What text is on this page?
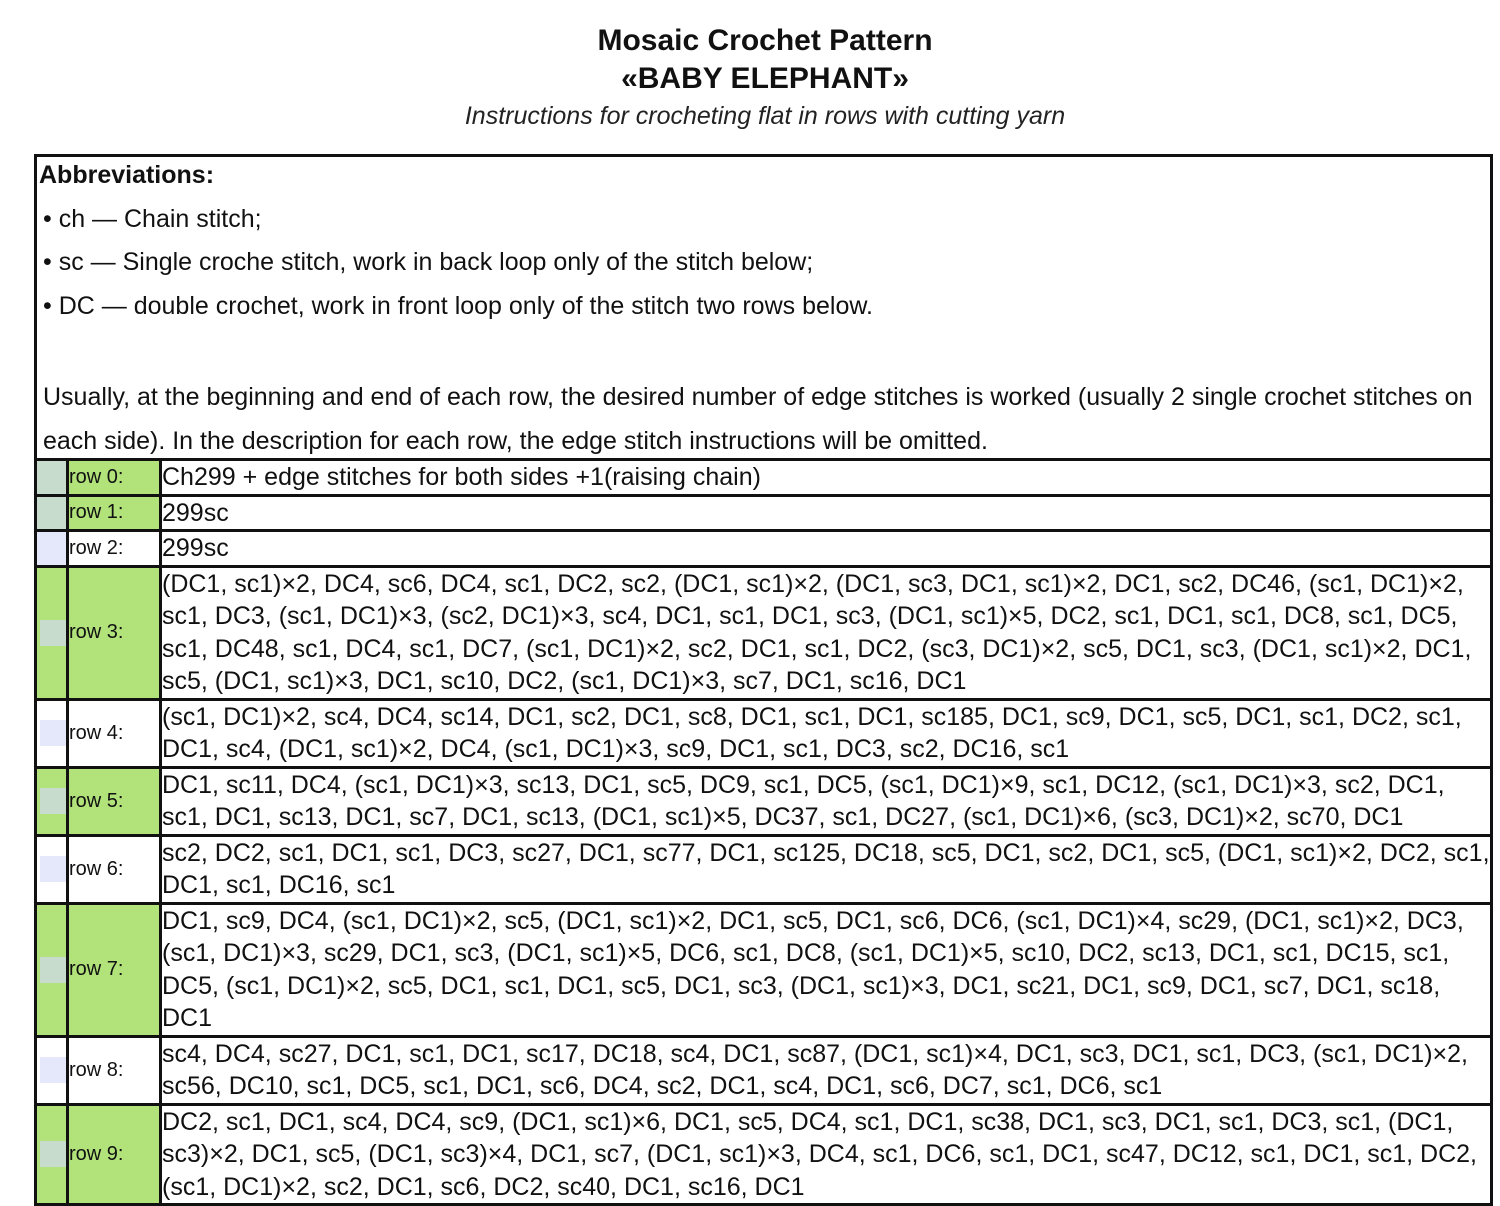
Mosaic Crochet Pattern
«BABY ELEPHANT»
Instructions for crocheting flat in rows with cutting yarn
Abbreviations:
• ch — Chain stitch;
• sc — Single croche stitch, work in back loop only of the stitch below;
• DC — double crochet, work in front loop only of the stitch two rows below.
Usually, at the beginning and end of each row, the desired number of edge stitches is worked (usually 2 single crochet stitches on each side). In the description for each row, the edge stitch instructions will be omitted.
	row 0:	Ch299 + edge stitches for both sides +1(raising chain)
	row 1:	299sc
	row 2:	299sc

	row 3:	(DC1, sc1)×2, DC4, sc6, DC4, sc1, DC2, sc2, (DC1, sc1)×2, (DC1, sc3, DC1, sc1)×2, DC1, sc2, DC46, (sc1, DC1)×2, sc1, DC3, (sc1, DC1)×3, (sc2, DC1)×3, sc4, DC1, sc1, DC1, sc3, (DC1, sc1)×5, DC2, sc1, DC1, sc1, DC8, sc1, DC5, sc1, DC48, sc1, DC4, sc1, DC7, (sc1, DC1)×2, sc2, DC1, sc1, DC2, (sc3, DC1)×2, sc5, DC1, sc3, (DC1, sc1)×2, DC1, sc5, (DC1, sc1)×3, DC1, sc10, DC2, (sc1, DC1)×3, sc7, DC1, sc16, DC1

	row 4:	(sc1, DC1)×2, sc4, DC4, sc14, DC1, sc2, DC1, sc8, DC1, sc1, DC1, sc185, DC1, sc9, DC1, sc5, DC1, sc1, DC2, sc1, DC1, sc4, (DC1, sc1)×2, DC4, (sc1, DC1)×3, sc9, DC1, sc1, DC3, sc2, DC16, sc1

	row 5:	DC1, sc11, DC4, (sc1, DC1)×3, sc13, DC1, sc5, DC9, sc1, DC5, (sc1, DC1)×9, sc1, DC12, (sc1, DC1)×3, sc2, DC1, sc1, DC1, sc13, DC1, sc7, DC1, sc13, (DC1, sc1)×5, DC37, sc1, DC27, (sc1, DC1)×6, (sc3, DC1)×2, sc70, DC1

	row 6:	sc2, DC2, sc1, DC1, sc1, DC3, sc27, DC1, sc77, DC1, sc125, DC18, sc5, DC1, sc2, DC1, sc5, (DC1, sc1)×2, DC2, sc1, DC1, sc1, DC16, sc1

	row 7:	DC1, sc9, DC4, (sc1, DC1)×2, sc5, (DC1, sc1)×2, DC1, sc5, DC1, sc6, DC6, (sc1, DC1)×4, sc29, (DC1, sc1)×2, DC3, (sc1, DC1)×3, sc29, DC1, sc3, (DC1, sc1)×5, DC6, sc1, DC8, (sc1, DC1)×5, sc10, DC2, sc13, DC1, sc1, DC15, sc1, DC5, (sc1, DC1)×2, sc5, DC1, sc1, DC1, sc5, DC1, sc3, (DC1, sc1)×3, DC1, sc21, DC1, sc9, DC1, sc7, DC1, sc18, DC1

	row 8:	sc4, DC4, sc27, DC1, sc1, DC1, sc17, DC18, sc4, DC1, sc87, (DC1, sc1)×4, DC1, sc3, DC1, sc1, DC3, (sc1, DC1)×2, sc56, DC10, sc1, DC5, sc1, DC1, sc6, DC4, sc2, DC1, sc4, DC1, sc6, DC7, sc1, DC6, sc1

	row 9:	DC2, sc1, DC1, sc4, DC4, sc9, (DC1, sc1)×6, DC1, sc5, DC4, sc1, DC1, sc38, DC1, sc3, DC1, sc1, DC3, sc1, (DC1, sc3)×2, DC1, sc5, (DC1, sc3)×4, DC1, sc7, (DC1, sc1)×3, DC4, sc1, DC6, sc1, DC1, sc47, DC12, sc1, DC1, sc1, DC2, (sc1, DC1)×2, sc2, DC1, sc6, DC2, sc40, DC1, sc16, DC1
